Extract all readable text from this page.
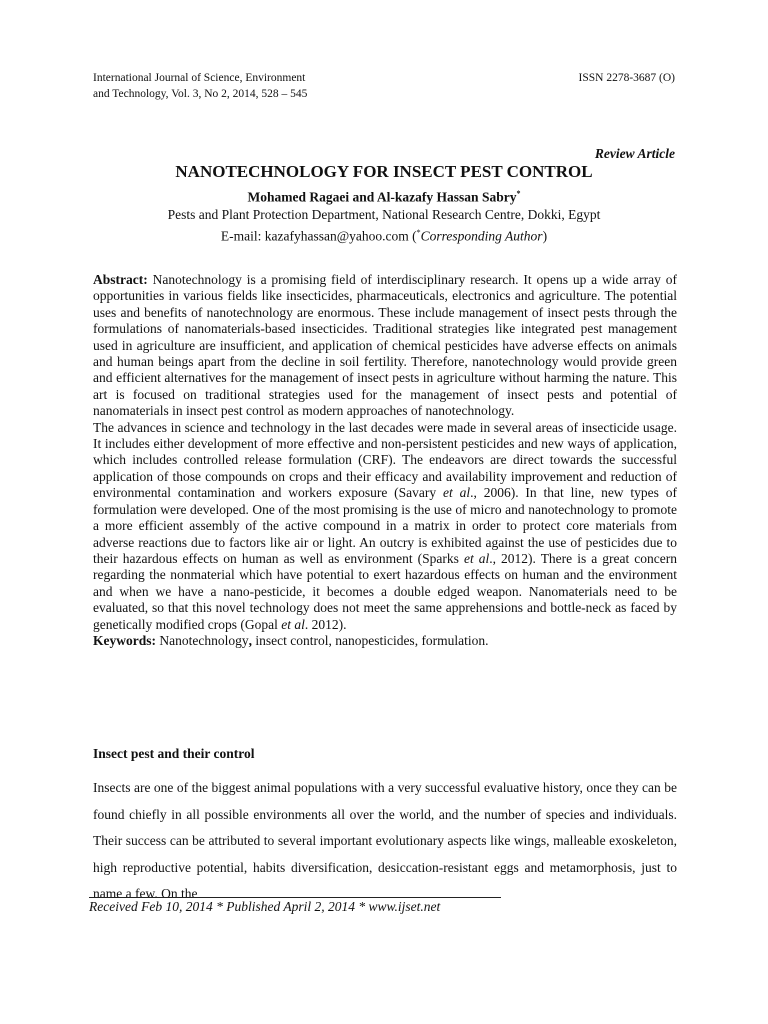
International Journal of Science, Environment
and Technology, Vol. 3, No 2, 2014, 528 – 545
ISSN 2278-3687 (O)
Review Article
NANOTECHNOLOGY FOR INSECT PEST CONTROL
Mohamed Ragaei and Al-kazafy Hassan Sabry*
Pests and Plant Protection Department, National Research Centre, Dokki, Egypt
E-mail: kazafyhassan@yahoo.com (*Corresponding Author)

Abstract: Nanotechnology is a promising field of interdisciplinary research. It opens up a wide array of opportunities in various fields like insecticides, pharmaceuticals, electronics and agriculture. The potential uses and benefits of nanotechnology are enormous. These include management of insect pests through the formulations of nanomaterials-based insecticides. Traditional strategies like integrated pest management used in agriculture are insufficient, and application of chemical pesticides have adverse effects on animals and human beings apart from the decline in soil fertility. Therefore, nanotechnology would provide green and efficient alternatives for the management of insect pests in agriculture without harming the nature. This art is focused on traditional strategies used for the management of insect pests and potential of nanomaterials in insect pest control as modern approaches of nanotechnology.

The advances in science and technology in the last decades were made in several areas of insecticide usage. It includes either development of more effective and non-persistent pesticides and new ways of application, which includes controlled release formulation (CRF). The endeavors are direct towards the successful application of those compounds on crops and their efficacy and availability improvement and reduction of environmental contamination and workers exposure (Savary et al., 2006). In that line, new types of formulation were developed. One of the most promising is the use of micro and nanotechnology to promote a more efficient assembly of the active compound in a matrix in order to protect core materials from adverse reactions due to factors like air or light. An outcry is exhibited against the use of pesticides due to their hazardous effects on human as well as environment (Sparks et al., 2012). There is a great concern regarding the nonmaterial which have potential to exert hazardous effects on human and the environment and when we have a nano-pesticide, it becomes a double edged weapon. Nanomaterials need to be evaluated, so that this novel technology does not meet the same apprehensions and bottle-neck as faced by genetically modified crops (Gopal et al. 2012).

Keywords: Nanotechnology, insect control, nanopesticides, formulation.

Insect pest and their control

Insects are one of the biggest animal populations with a very successful evaluative history, once they can be found chiefly in all possible environments all over the world, and the number of species and individuals. Their success can be attributed to several important evolutionary aspects like wings, malleable exoskeleton, high reproductive potential, habits diversification, desiccation-resistant eggs and metamorphosis, just to name a few. On the

Received Feb 10, 2014 * Published April 2, 2014 * www.ijset.net
